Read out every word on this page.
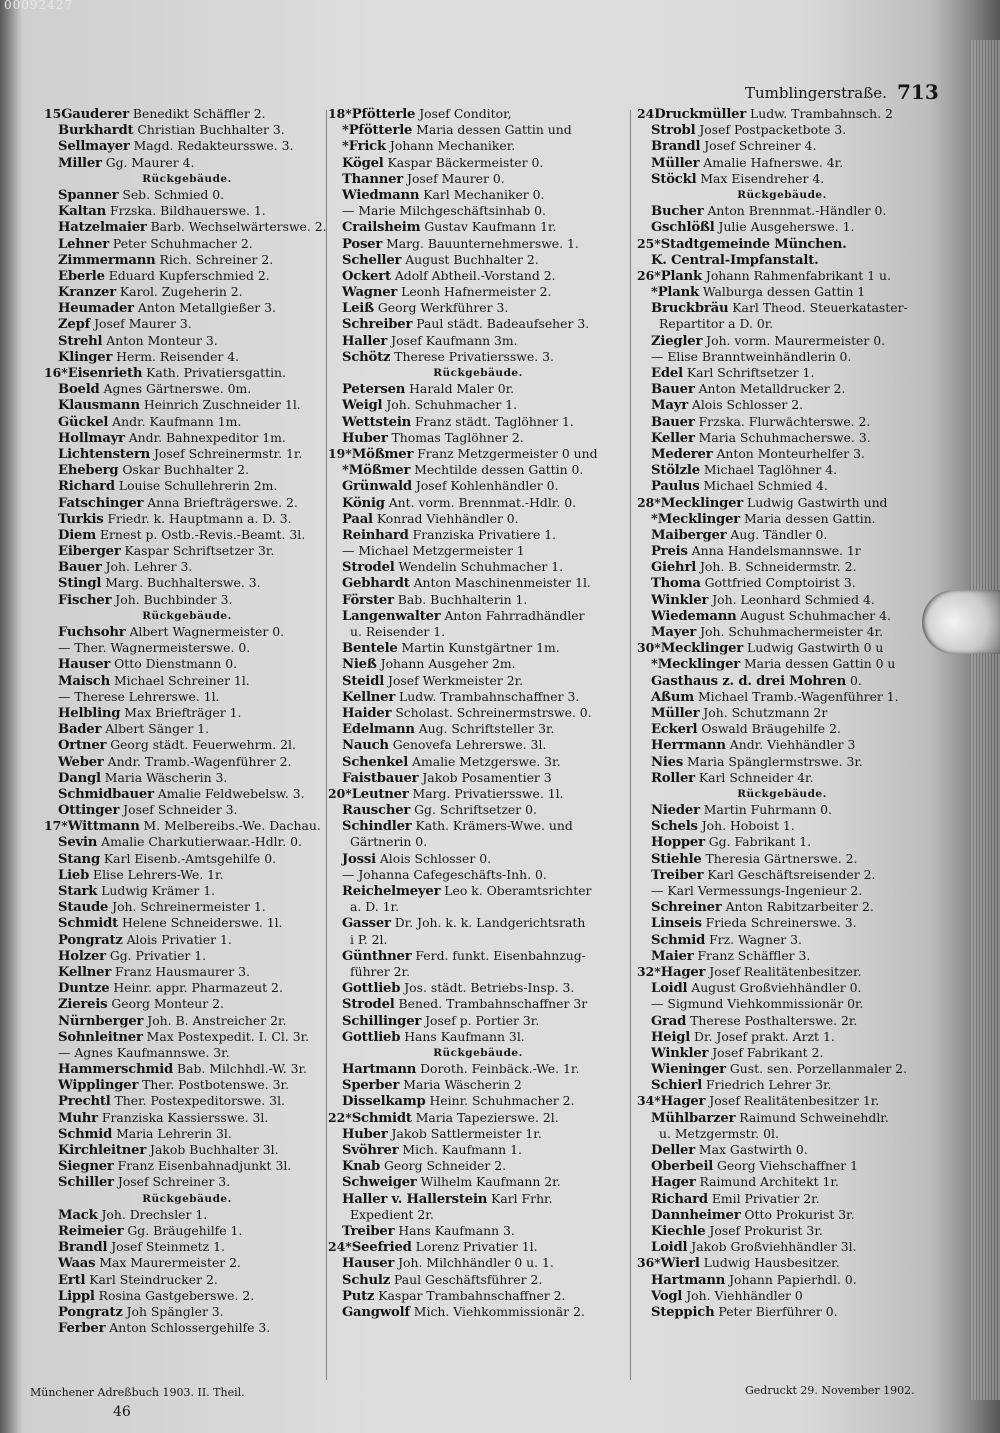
00092427
Tumblingerstraße. 713
15Gauderer Benedikt Schäffler 2.
Burkhardt Christian Buchhalter 3.
Sellmayer Magd. Redakteursswe. 3.
Miller Gg. Maurer 4.
Rückgebäude.
Spanner Seb. Schmied 0.
Kaltan Frzska. Bildhauerswe. 1.
Hatzelmaier Barb. Wechselwärterswe. 2.
Lehner Peter Schuhmacher 2.
Zimmermann Rich. Schreiner 2.
Eberle Eduard Kupferschmied 2.
Kranzer Karol. Zugeherin 2.
Heumader Anton Metallgießer 3.
Zepf Josef Maurer 3.
Strehl Anton Monteur 3.
Klinger Herm. Reisender 4.
16*Eisenrieth Kath. Privatiersgattin.
Boeld Agnes Gärtnerswe. 0m.
Klausmann Heinrich Zuschneider 1l.
Gückel Andr. Kaufmann 1m.
Hollmayr Andr. Bahnexpeditor 1m.
Lichtenstern Josef Schreinermstr. 1r.
Eheberg Oskar Buchhalter 2.
Richard Louise Schullehrerin 2m.
Fatschinger Anna Briefträgerswe. 2.
Turkis Friedr. k. Hauptmann a. D. 3.
Diem Ernest p. Ostb.-Revis.-Beamt. 3l.
Eiberger Kaspar Schriftsetzer 3r.
Bauer Joh. Lehrer 3.
Stingl Marg. Buchhalterswe. 3.
Fischer Joh. Buchbinder 3.
Rückgebäude.
Fuchsohr Albert Wagnermeister 0.
— Ther. Wagnermeisterswe. 0.
Hauser Otto Dienstmann 0.
Maisch Michael Schreiner 1l.
— Therese Lehrerswe. 1l.
Helbling Max Briefträger 1.
Bader Albert Sänger 1.
Ortner Georg städt. Feuerwehrm. 2l.
Weber Andr. Tramb.-Wagenführer 2.
Dangl Maria Wäscherin 3.
Schmidbauer Amalie Feldwebelsw. 3.
Ottinger Josef Schneider 3.
17*Wittmann M. Melbereibs.-We. Dachau.
Sevin Amalie Charkutierwaar.-Hdlr. 0.
Stang Karl Eisenb.-Amtsgehilfe 0.
Lieb Elise Lehrers-We. 1r.
Stark Ludwig Krämer 1.
Staude Joh. Schreinermeister 1.
Schmidt Helene Schneiderswe. 1l.
Pongratz Alois Privatier 1.
Holzer Gg. Privatier 1.
Kellner Franz Hausmaurer 3.
Duntze Heinr. appr. Pharmazeut 2.
Ziereis Georg Monteur 2.
Nürnberger Joh. B. Anstreicher 2r.
Sohnleitner Max Postexpedit. I. Cl. 3r.
— Agnes Kaufmannswe. 3r.
Hammerschmid Bab. Milchhdl.-W. 3r.
Wipplinger Ther. Postbotenswe. 3r.
Prechtl Ther. Postexpeditorswe. 3l.
Muhr Franziska Kassiersswe. 3l.
Schmid Maria Lehrerin 3l.
Kirchleitner Jakob Buchhalter 3l.
Siegner Franz Eisenbahnadjunkt 3l.
Schiller Josef Schreiner 3.
Rückgebäude.
Mack Joh. Drechsler 1.
Reimeier Gg. Bräugehilfe 1.
Brandl Josef Steinmetz 1.
Waas Max Maurermeister 2.
Ertl Karl Steindrucker 2.
Lippl Rosina Gastgeberswe. 2.
Pongratz Joh Spängler 3.
Ferber Anton Schlossergehilfe 3.
18*Pfötterle Josef Conditor,
*Pfötterle Maria dessen Gattin und
*Frick Johann Mechaniker.
Kögel Kaspar Bäckermeister 0.
Thanner Josef Maurer 0.
Wiedmann Karl Mechaniker 0.
— Marie Milchgeschäftsinhab 0.
Crailsheim Gustav Kaufmann 1r.
Poser Marg. Bauunternehmerswe. 1.
Scheller August Buchhalter 2.
Ockert Adolf Abtheil.-Vorstand 2.
Wagner Leonh Hafnermeister 2.
Leiß Georg Werkführer 3.
Schreiber Paul städt. Badeaufseher 3.
Haller Josef Kaufmann 3m.
Schötz Therese Privatiersswe. 3.
Rückgebäude.
Petersen Harald Maler 0r.
Weigl Joh. Schuhmacher 1.
Wettstein Franz städt. Taglöhner 1.
Huber Thomas Taglöhner 2.
19*Mößmer Franz Metzgermeister 0 und
*Mößmer Mechtilde dessen Gattin 0.
Grünwald Josef Kohlenhändler 0.
König Ant. vorm. Brennmat.-Hdlr. 0.
Paal Konrad Viehhändler 0.
Reinhard Franziska Privatiere 1.
— Michael Metzgermeister 1
Strodel Wendelin Schuhmacher 1.
Gebhardt Anton Maschinenmeister 1l.
Förster Bab. Buchhalterin 1.
Langenwalter Anton Fahrradhändler
u. Reisender 1.
Bentele Martin Kunstgärtner 1m.
Nieß Johann Ausgeher 2m.
Steidl Josef Werkmeister 2r.
Kellner Ludw. Trambahnschaffner 3.
Haider Scholast. Schreinermstrswe. 0.
Edelmann Aug. Schriftsteller 3r.
Nauch Genovefa Lehrerswe. 3l.
Schenkel Amalie Metzgerswe. 3r.
Faistbauer Jakob Posamentier 3
20*Leutner Marg. Privatiersswe. 1l.
Rauscher Gg. Schriftsetzer 0.
Schindler Kath. Krämers-Wwe. und
Gärtnerin 0.
Jossi Alois Schlosser 0.
— Johanna Cafegeschäfts-Inh. 0.
Reichelmeyer Leo k. Oberamtsrichter
a. D. 1r.
Gasser Dr. Joh. k. k. Landgerichtsrath
i P. 2l.
Günthner Ferd. funkt. Eisenbahnzug-
führer 2r.
Gottlieb Jos. städt. Betriebs-Insp. 3.
Strodel Bened. Trambahnschaffner 3r
Schillinger Josef p. Portier 3r.
Gottlieb Hans Kaufmann 3l.
Rückgebäude.
Hartmann Doroth. Feinbäck.-We. 1r.
Sperber Maria Wäscherin 2
Disselkamp Heinr. Schuhmacher 2.
22*Schmidt Maria Tapezierswe. 2l.
Huber Jakob Sattlermeister 1r.
Svöhrer Mich. Kaufmann 1.
Knab Georg Schneider 2.
Schweiger Wilhelm Kaufmann 2r.
Haller v. Hallerstein Karl Frhr.
Expedient 2r.
Treiber Hans Kaufmann 3.
24*Seefried Lorenz Privatier 1l.
Hauser Joh. Milchhändler 0 u. 1.
Schulz Paul Geschäftsführer 2.
Putz Kaspar Trambahnschaffner 2.
Gangwolf Mich. Viehkommissionär 2.
24Druckmüller Ludw. Trambahnsch. 2
Strobl Josef Postpacketbote 3.
Brandl Josef Schreiner 4.
Müller Amalie Hafnerswe. 4r.
Stöckl Max Eisendreher 4.
Rückgebäude.
Bucher Anton Brennmat.-Händler 0.
Gschlößl Julie Ausgeherswe. 1.
25*Stadtgemeinde München.
K. Central-Impfanstalt.
26*Plank Johann Rahmenfabrikant 1 u.
*Plank Walburga dessen Gattin 1
Bruckbräu Karl Theod. Steuerkataster-
Repartitor a D. 0r.
Ziegler Joh. vorm. Maurermeister 0.
— Elise Branntweinhändlerin 0.
Edel Karl Schriftsetzer 1.
Bauer Anton Metalldrucker 2.
Mayr Alois Schlosser 2.
Bauer Frzska. Flurwächterswe. 2.
Keller Maria Schuhmacherswe. 3.
Mederer Anton Monteurhelfer 3.
Stölzle Michael Taglöhner 4.
Paulus Michael Schmied 4.
28*Mecklinger Ludwig Gastwirth und
*Mecklinger Maria dessen Gattin.
Maiberger Aug. Tändler 0.
Preis Anna Handelsmannswe. 1r
Giehrl Joh. B. Schneidermstr. 2.
Thoma Gottfried Comptoirist 3.
Winkler Joh. Leonhard Schmied 4.
Wiedemann August Schuhmacher 4.
Mayer Joh. Schuhmachermeister 4r.
30*Mecklinger Ludwig Gastwirth 0 u
*Mecklinger Maria dessen Gattin 0 u
Gasthaus z. d. drei Mohren 0.
Aßum Michael Tramb.-Wagenführer 1.
Müller Joh. Schutzmann 2r
Eckerl Oswald Bräugehilfe 2.
Herrmann Andr. Viehhändler 3
Nies Maria Spänglermstrswe. 3r.
Roller Karl Schneider 4r.
Rückgebäude.
Nieder Martin Fuhrmann 0.
Schels Joh. Hoboist 1.
Hopper Gg. Fabrikant 1.
Stiehle Theresia Gärtnerswe. 2.
Treiber Karl Geschäftsreisender 2.
— Karl Vermessungs-Ingenieur 2.
Schreiner Anton Rabitzarbeiter 2.
Linseis Frieda Schreinerswe. 3.
Schmid Frz. Wagner 3.
Maier Franz Schäffler 3.
32*Hager Josef Realitätenbesitzer.
Loidl August Großviehhändler 0.
— Sigmund Viehkommissionär 0r.
Grad Therese Posthalterswe. 2r.
Heigl Dr. Josef prakt. Arzt 1.
Winkler Josef Fabrikant 2.
Wieninger Gust. sen. Porzellanmaler 2.
Schierl Friedrich Lehrer 3r.
34*Hager Josef Realitätenbesitzer 1r.
Mühlbarzer Raimund Schweinehdlr.
u. Metzgermstr. 0l.
Deller Max Gastwirth 0.
Oberbeil Georg Viehschaffner 1
Hager Raimund Architekt 1r.
Richard Emil Privatier 2r.
Dannheimer Otto Prokurist 3r.
Kiechle Josef Prokurist 3r.
Loidl Jakob Großviehhändler 3l.
36*Wierl Ludwig Hausbesitzer.
Hartmann Johann Papierhdl. 0.
Vogl Joh. Viehhändler 0
Steppich Peter Bierführer 0.
Münchener Adreßbuch 1903. II. Theil.
46
Gedruckt 29. November 1902.
